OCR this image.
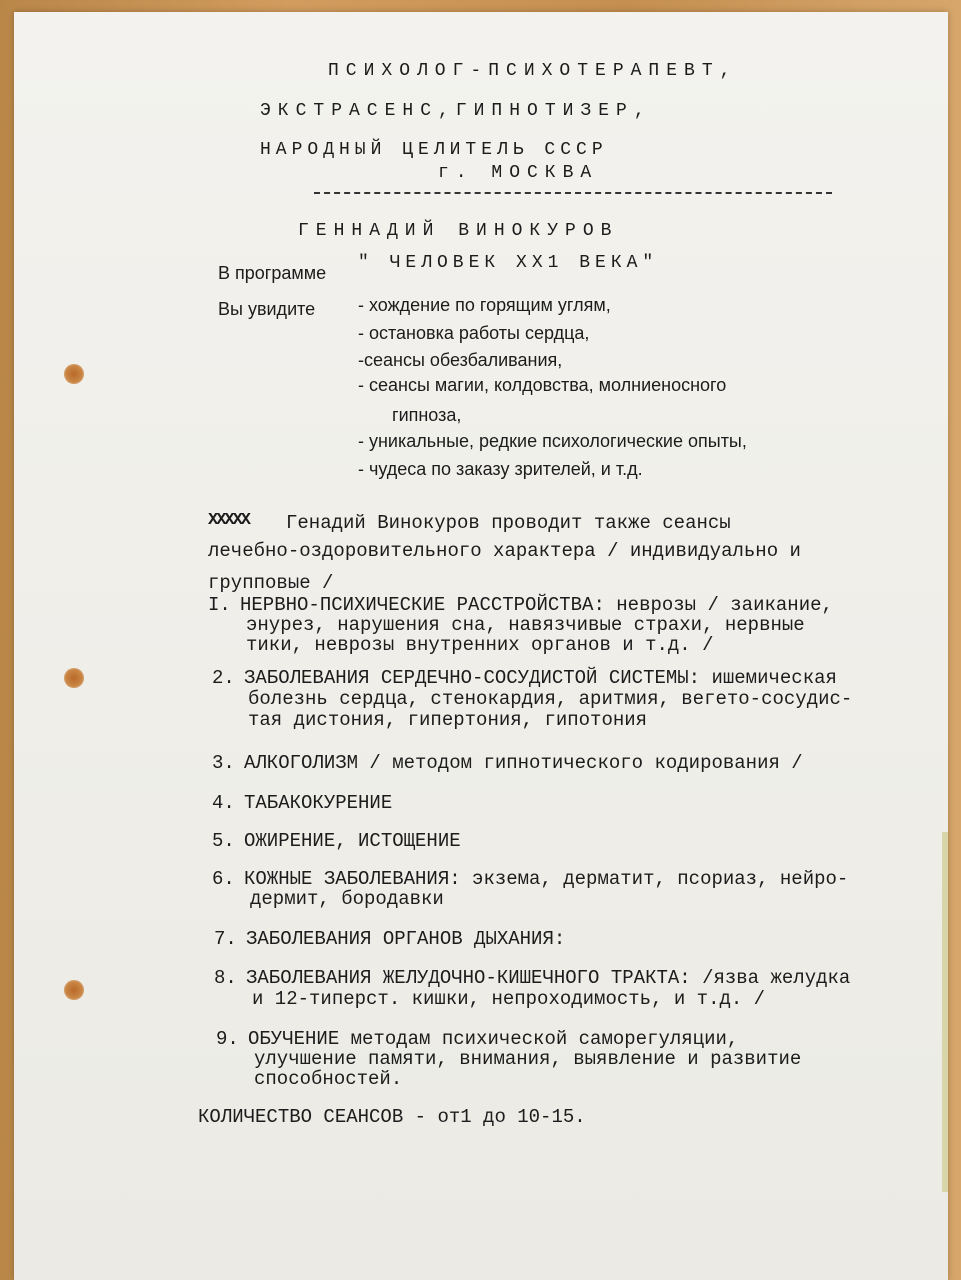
ПСИХОЛОГ-ПСИХОТЕРАПЕВТ,
ЭКСТРАСЕНС,ГИПНОТИЗЕР,
НАРОДНЫЙ ЦЕЛИТЕЛЬ СССР
г. МОСКВА
ГЕННАДИЙ ВИНОКУРОВ
В программе " ЧЕЛОВЕК XX1 ВЕКА"
Вы увидите - хождение по горящим углям,
- остановка работы сердца,
-сеансы обезбаливания,
- сеансы магии, колдовства, молниеносного
гипноза,
- уникальные, редкие психологические опыты,
- чудеса по заказу зрителей, и т.д.
XXXXX Генадий Винокуров проводит также сеансы
лечебно-оздоровительного характера / индивидуально и
групповые /
I. НЕРВНО-ПСИХИЧЕСКИЕ РАССТРОЙСТВА: неврозы / заикание,
энурез, нарушения сна, навязчивые страхи, нервные
тики, неврозы внутренних органов и т.д. /
2. ЗАБОЛЕВАНИЯ СЕРДЕЧНО-СОСУДИСТОЙ СИСТЕМЫ: ишемическая
болезнь сердца, стенокардия, аритмия, вегето-сосудис-
тая дистония, гипертония, гипотония
3. АЛКОГОЛИЗМ / методом гипнотического кодирования /
4. ТАБАКОКУРЕНИЕ
5. ОЖИРЕНИЕ, ИСТОЩЕНИЕ
6. КОЖНЫЕ ЗАБОЛЕВАНИЯ: экзема, дерматит, псориаз, нейро-
дермит, бородавки
7. ЗАБОЛЕВАНИЯ ОРГАНОВ ДЫХАНИЯ:
8. ЗАБОЛЕВАНИЯ ЖЕЛУДОЧНО-КИШЕЧНОГО ТРАКТА: /язва желудка
и 12-типерст. кишки, непроходимость, и т.д. /
9. ОБУЧЕНИЕ методам психической саморегуляции,
улучшение памяти, внимания, выявление и развитие
способностей.
КОЛИЧЕСТВО СЕАНСОВ - от1 до 10-15.
